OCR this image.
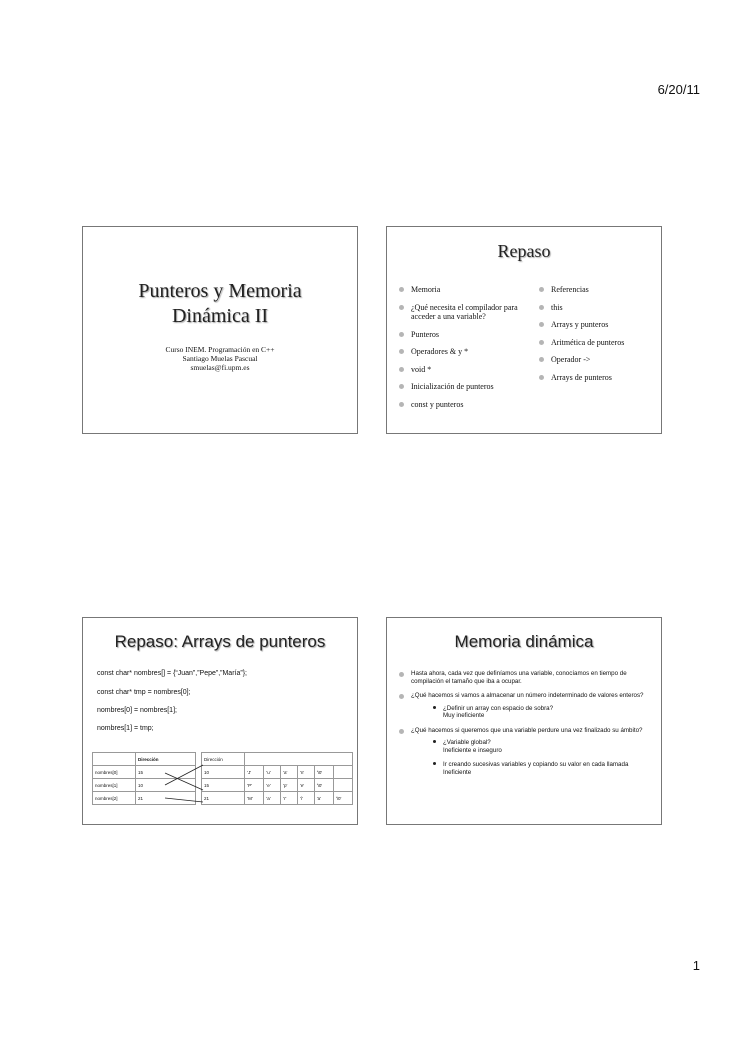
6/20/11
Punteros y Memoria
Dinámica II
Curso INEM. Programación en C++
Santiago Muelas Pascual
smuelas@fi.upm.es
Repaso
Memoria
¿Qué necesita el compilador para acceder a una variable?
Punteros
Operadores & y *
void *
Inicialización de punteros
const y punteros
Referencias
this
Arrays y punteros
Aritmética de punteros
Operador ->
Arrays de punteros
Repaso: Arrays de punteros
const char* nombres[] = {“Juan”,”Pepe”,”María”};
const char* tmp = nombres[0];
nombres[0] = nombres[1];
nombres[1] = tmp;
	Dirección
nombres[0]	15
nombres[1]	10
nombres[2]	21
Dirección						
10	'J'	'u'	'a'	'n'	'\0'	
15	'P'	'e'	'p'	'e'	'\0'	
21	'M'	'a'	'r'	'í'	'a'	'\0'
Memoria dinámica
Hasta ahora, cada vez que definíamos una variable, conocíamos en tiempo de compilación el tamaño que iba a ocupar.
¿Qué hacemos si vamos a almacenar un número indeterminado de valores enteros?
¿Definir un array con espacio de sobra?
Muy ineficiente
¿Qué hacemos si queremos que una variable perdure una vez finalizado su ámbito?
¿Variable global?
Ineficiente e inseguro
Ir creando sucesivas variables y copiando su valor en cada llamada
Ineficiente
1
